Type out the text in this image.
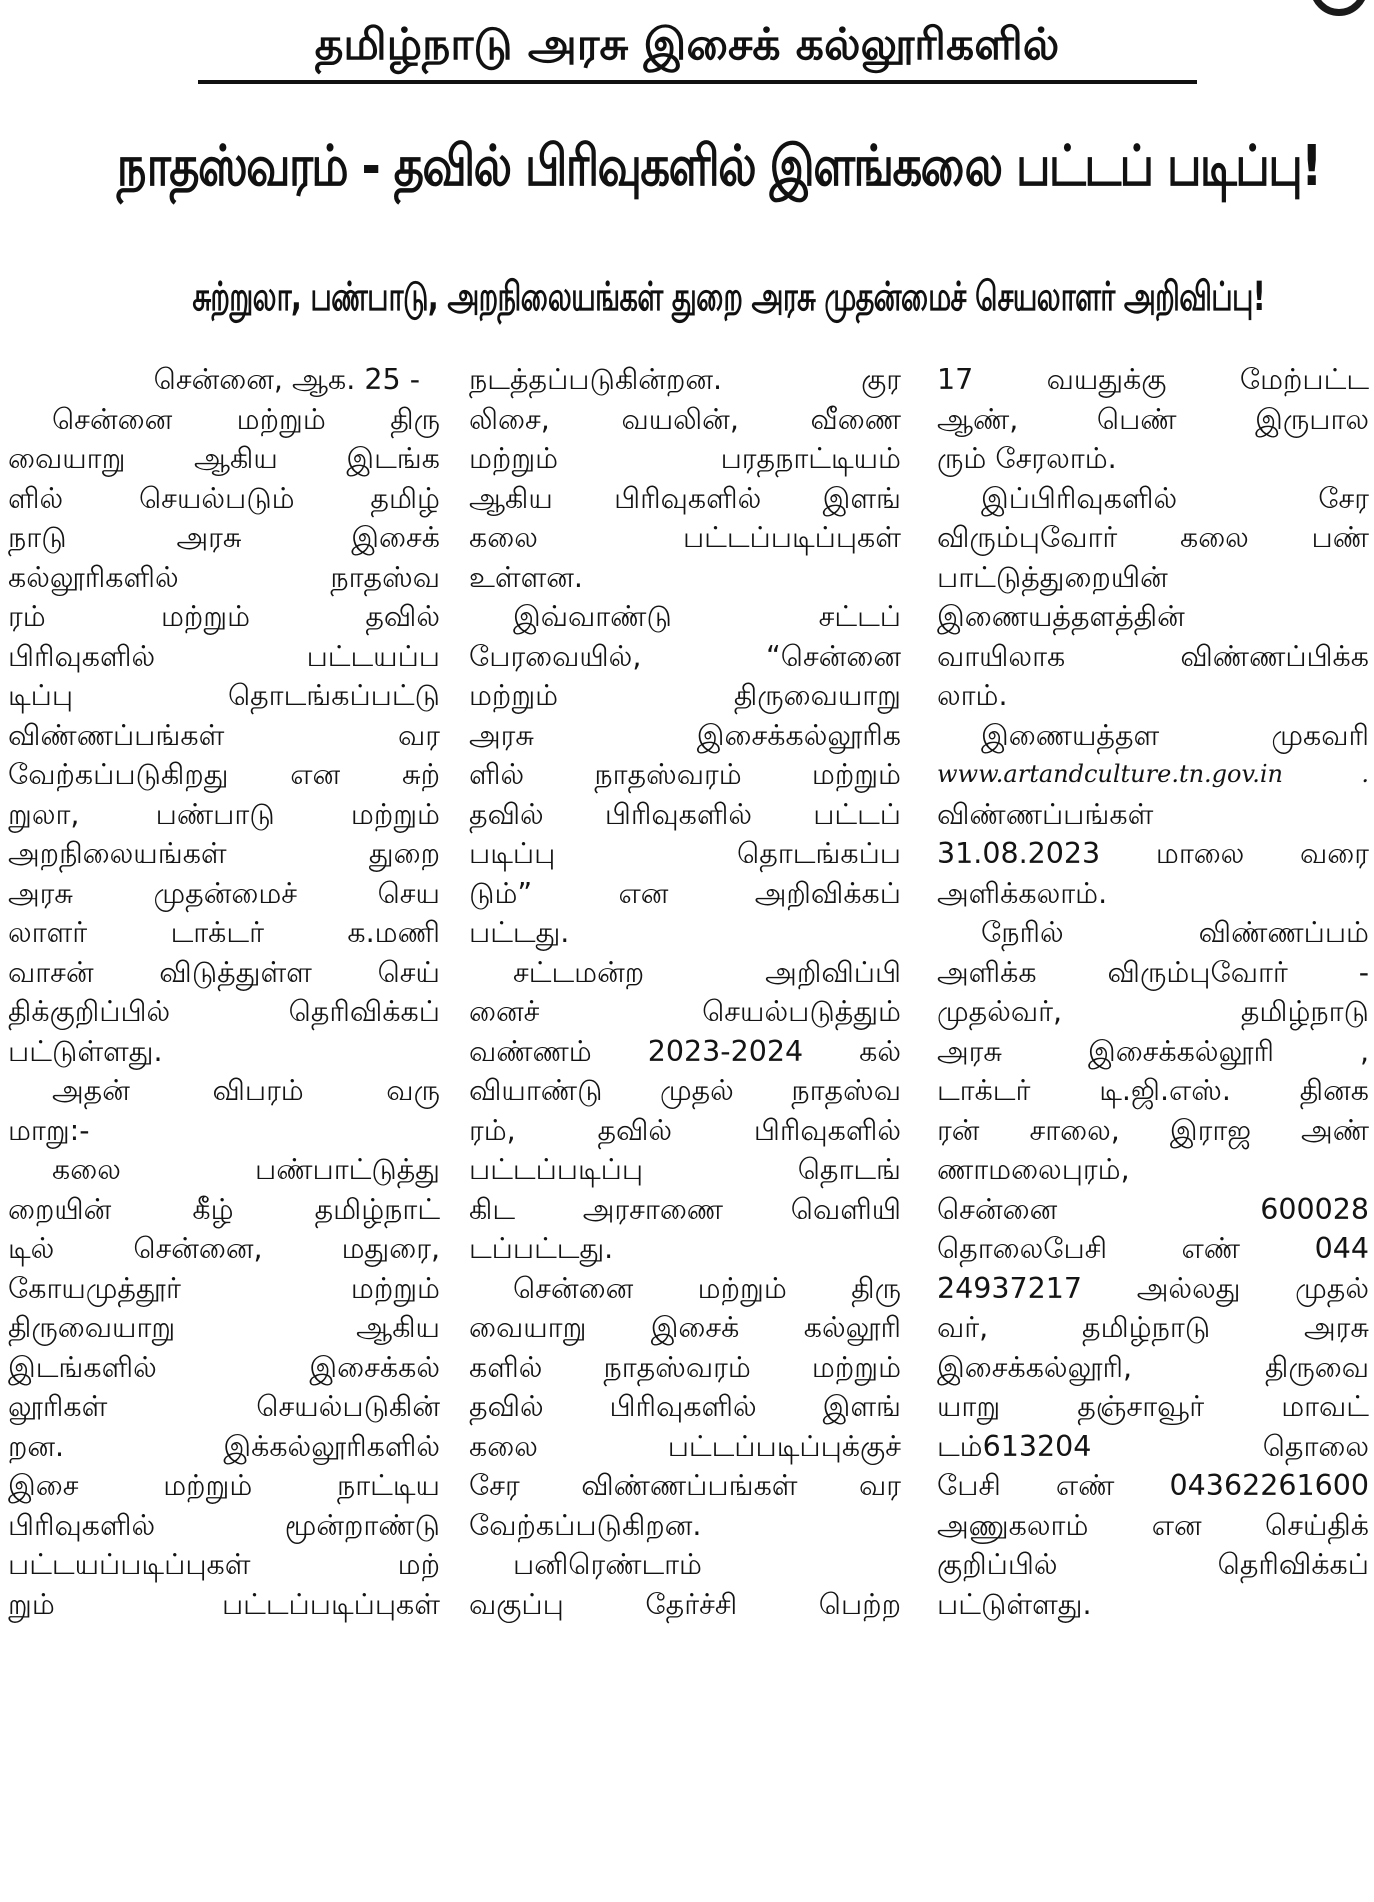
தமிழ்நாடு அரசு இசைக் கல்லூரிகளில்
நாதஸ்வரம் - தவில் பிரிவுகளில் இளங்கலை பட்டப் படிப்பு!
சுற்றுலா, பண்பாடு, அறநிலையங்கள் துறை அரசு முதன்மைச் செயலாளர் அறிவிப்பு!
சென்னை, ஆக. 25 -
சென்னை மற்றும் திரு
வையாறு ஆகிய இடங்க
ளில் செயல்படும் தமிழ்
நாடு அரசு இசைக்
கல்லூரிகளில் நாதஸ்வ
ரம் மற்றும் தவில்
பிரிவுகளில் பட்டயப்ப
டிப்பு தொடங்கப்பட்டு
விண்ணப்பங்கள் வர
வேற்கப்படுகிறது என சுற்
றுலா, பண்பாடு மற்றும்
அறநிலையங்கள் துறை
அரசு முதன்மைச் செய
லாளர் டாக்டர் க.மணி
வாசன் விடுத்துள்ள செய்
திக்குறிப்பில் தெரிவிக்கப்
பட்டுள்ளது.
அதன் விபரம் வரு
மாறு:-
கலை பண்பாட்டுத்து
றையின் கீழ் தமிழ்நாட்
டில் சென்னை, மதுரை,
கோயமுத்தூர் மற்றும்
திருவையாறு ஆகிய
இடங்களில் இசைக்கல்
லூரிகள் செயல்படுகின்
றன. இக்கல்லூரிகளில்
இசை மற்றும் நாட்டிய
பிரிவுகளில் மூன்றாண்டு
பட்டயப்படிப்புகள் மற்
றும் பட்டப்படிப்புகள்
நடத்தப்படுகின்றன. குர
லிசை, வயலின், வீணை
மற்றும் பரதநாட்டியம்
ஆகிய பிரிவுகளில் இளங்
கலை பட்டப்படிப்புகள்
உள்ளன.
இவ்வாண்டு சட்டப்
பேரவையில், “சென்னை
மற்றும் திருவையாறு
அரசு இசைக்கல்லூரிக
ளில் நாதஸ்வரம் மற்றும்
தவில் பிரிவுகளில் பட்டப்
படிப்பு தொடங்கப்ப
டும்” என அறிவிக்கப்
பட்டது.
சட்டமன்ற அறிவிப்பி
னைச் செயல்படுத்தும்
வண்ணம் 2023-2024 கல்
வியாண்டு முதல் நாதஸ்வ
ரம், தவில் பிரிவுகளில்
பட்டப்படிப்பு தொடங்
கிட அரசாணை வெளியி
டப்பட்டது.
சென்னை மற்றும் திரு
வையாறு இசைக் கல்லூரி
களில் நாதஸ்வரம் மற்றும்
தவில் பிரிவுகளில் இளங்
கலை பட்டப்படிப்புக்குச்
சேர விண்ணப்பங்கள் வர
வேற்கப்படுகிறன.
பனிரெண்டாம்
வகுப்பு தேர்ச்சி பெற்ற
17 வயதுக்கு மேற்பட்ட
ஆண், பெண் இருபால
ரும் சேரலாம்.
இப்பிரிவுகளில் சேர
விரும்புவோர் கலை பண்
பாட்டுத்துறையின்
இணையத்தளத்தின்
வாயிலாக விண்ணப்பிக்க
லாம்.
இணையத்தள முகவரி
www.artandculture.tn.gov.in .
விண்ணப்பங்கள்
31.08.2023 மாலை வரை
அளிக்கலாம்.
நேரில் விண்ணப்பம்
அளிக்க விரும்புவோர் -
முதல்வர், தமிழ்நாடு
அரசு இசைக்கல்லூரி ,
டாக்டர் டி.ஜி.எஸ். தினக
ரன் சாலை, இராஜ அண்
ணாமலைபுரம்,
சென்னை 600028
தொலைபேசி எண் 044
24937217 அல்லது முதல்
வர், தமிழ்நாடு அரசு
இசைக்கல்லூரி, திருவை
யாறு தஞ்சாவூர் மாவட்
டம்613204 தொலை
பேசி எண் 04362261600
அணுகலாம் என செய்திக்
குறிப்பில் தெரிவிக்கப்
பட்டுள்ளது.
